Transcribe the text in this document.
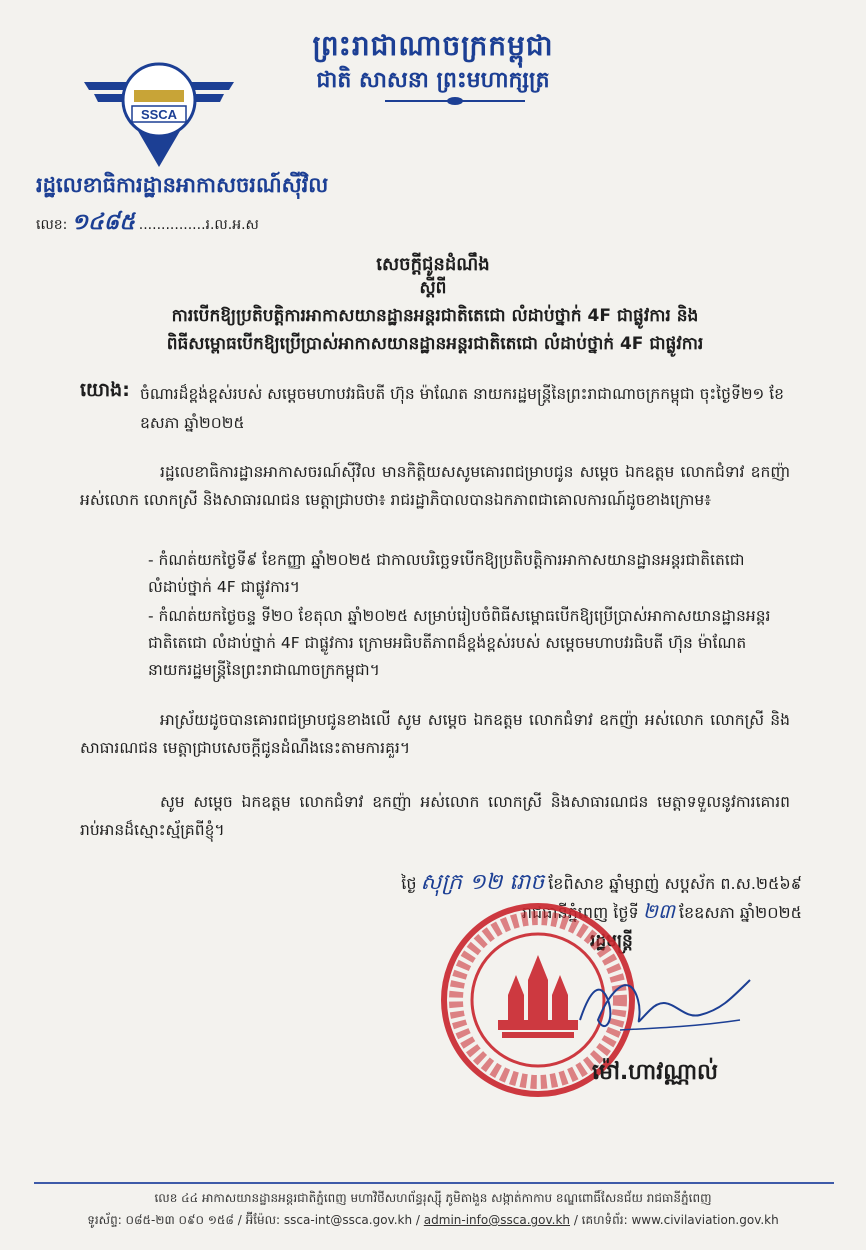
ព្រះរាជាណាចក្រកម្ពុជា
ជាតិ សាសនា ព្រះមហាក្សត្រ
SSCA
រដ្ឋលេខាធិការដ្ឋានអាកាសចរណ៍ស៊ីវិល
លេខ: ១៤៨៥ ...............រ.ល.អ.ស
សេចក្តីជូនដំណឹង
ស្តីពី
ការបើកឱ្យប្រតិបត្តិការអាកាសយានដ្ឋានអន្តរជាតិតេជោ លំដាប់ថ្នាក់ 4F ជាផ្លូវការ និង
ពិធីសម្ពោធបើកឱ្យប្រើប្រាស់អាកាសយានដ្ឋានអន្តរជាតិតេជោ លំដាប់ថ្នាក់ 4F ជាផ្លូវការ
យោង: ចំណារដ៏ខ្ពង់ខ្ពស់របស់ សម្តេចមហាបវរធិបតី ហ៊ុន ម៉ាណែត នាយករដ្ឋមន្ត្រីនៃព្រះរាជាណាចក្រកម្ពុជា ចុះថ្ងៃទី២១ ខែឧសភា ឆ្នាំ២០២៥
រដ្ឋលេខាធិការដ្ឋានអាកាសចរណ៍ស៊ីវិល មានកិត្តិយសសូមគោរពជម្រាបជូន សម្តេច ឯកឧត្តម លោកជំទាវ ឧកញ៉ា អស់លោក លោកស្រី និងសាធារណជន មេត្តាជ្រាបថា៖ រាជរដ្ឋាភិបាលបានឯកភាពជាគោលការណ៍ដូចខាងក្រោម៖
- កំណត់យកថ្ងៃទី៩ ខែកញ្ញា ឆ្នាំ២០២៥ ជាកាលបរិច្ឆេទបើកឱ្យប្រតិបត្តិការអាកាសយានដ្ឋានអន្តរជាតិតេជោ លំដាប់ថ្នាក់ 4F ជាផ្លូវការ។
- កំណត់យកថ្ងៃចន្ទ ទី២០ ខែតុលា ឆ្នាំ២០២៥ សម្រាប់រៀបចំពិធីសម្ពោធបើកឱ្យប្រើប្រាស់អាកាសយានដ្ឋានអន្តរជាតិតេជោ លំដាប់ថ្នាក់ 4F ជាផ្លូវការ ក្រោមអធិបតីភាពដ៏ខ្ពង់ខ្ពស់របស់ សម្តេចមហាបវរធិបតី ហ៊ុន ម៉ាណែត នាយករដ្ឋមន្ត្រីនៃព្រះរាជាណាចក្រកម្ពុជា។
អាស្រ័យដូចបានគោរពជម្រាបជូនខាងលើ សូម សម្តេច ឯកឧត្តម លោកជំទាវ ឧកញ៉ា អស់លោក លោកស្រី និងសាធារណជន មេត្តាជ្រាបសេចក្តីជូនដំណឹងនេះតាមការគួរ។
សូម សម្តេច ឯកឧត្តម លោកជំទាវ ឧកញ៉ា អស់លោក លោកស្រី និងសាធារណជន មេត្តាទទួលនូវការគោរពរាប់អានដ៏ស្មោះស្ម័គ្រពីខ្ញុំ។
ថ្ងៃ សុក្រ ១២ រោច ខែពិសាខ ឆ្នាំម្សាញ់ សប្តស័ក ព.ស.២៥៦៩
រាជធានីភ្នំពេញ ថ្ងៃទី ២៣ ខែឧសភា ឆ្នាំ២០២៥
រដ្ឋមន្ត្រី
ម៉ៅ.ហាវណ្ណាល់
លេខ ៤៤ អាកាសយានដ្ឋានអន្តរជាតិភ្នំពេញ មហាវិថីសហព័ន្ធរុស្ស៊ី ភូមិតាងួន សង្កាត់កាកាប ខណ្ឌពោធិ៍សែនជ័យ រាជធានីភ្នំពេញ
ទូរស័ព្ទ: ០៨៥-២៣ ០៩០ ១៥៨ / អ៊ីម៉ែល: ssca-int@ssca.gov.kh / admin-info@ssca.gov.kh / គេហទំព័រ: www.civilaviation.gov.kh
